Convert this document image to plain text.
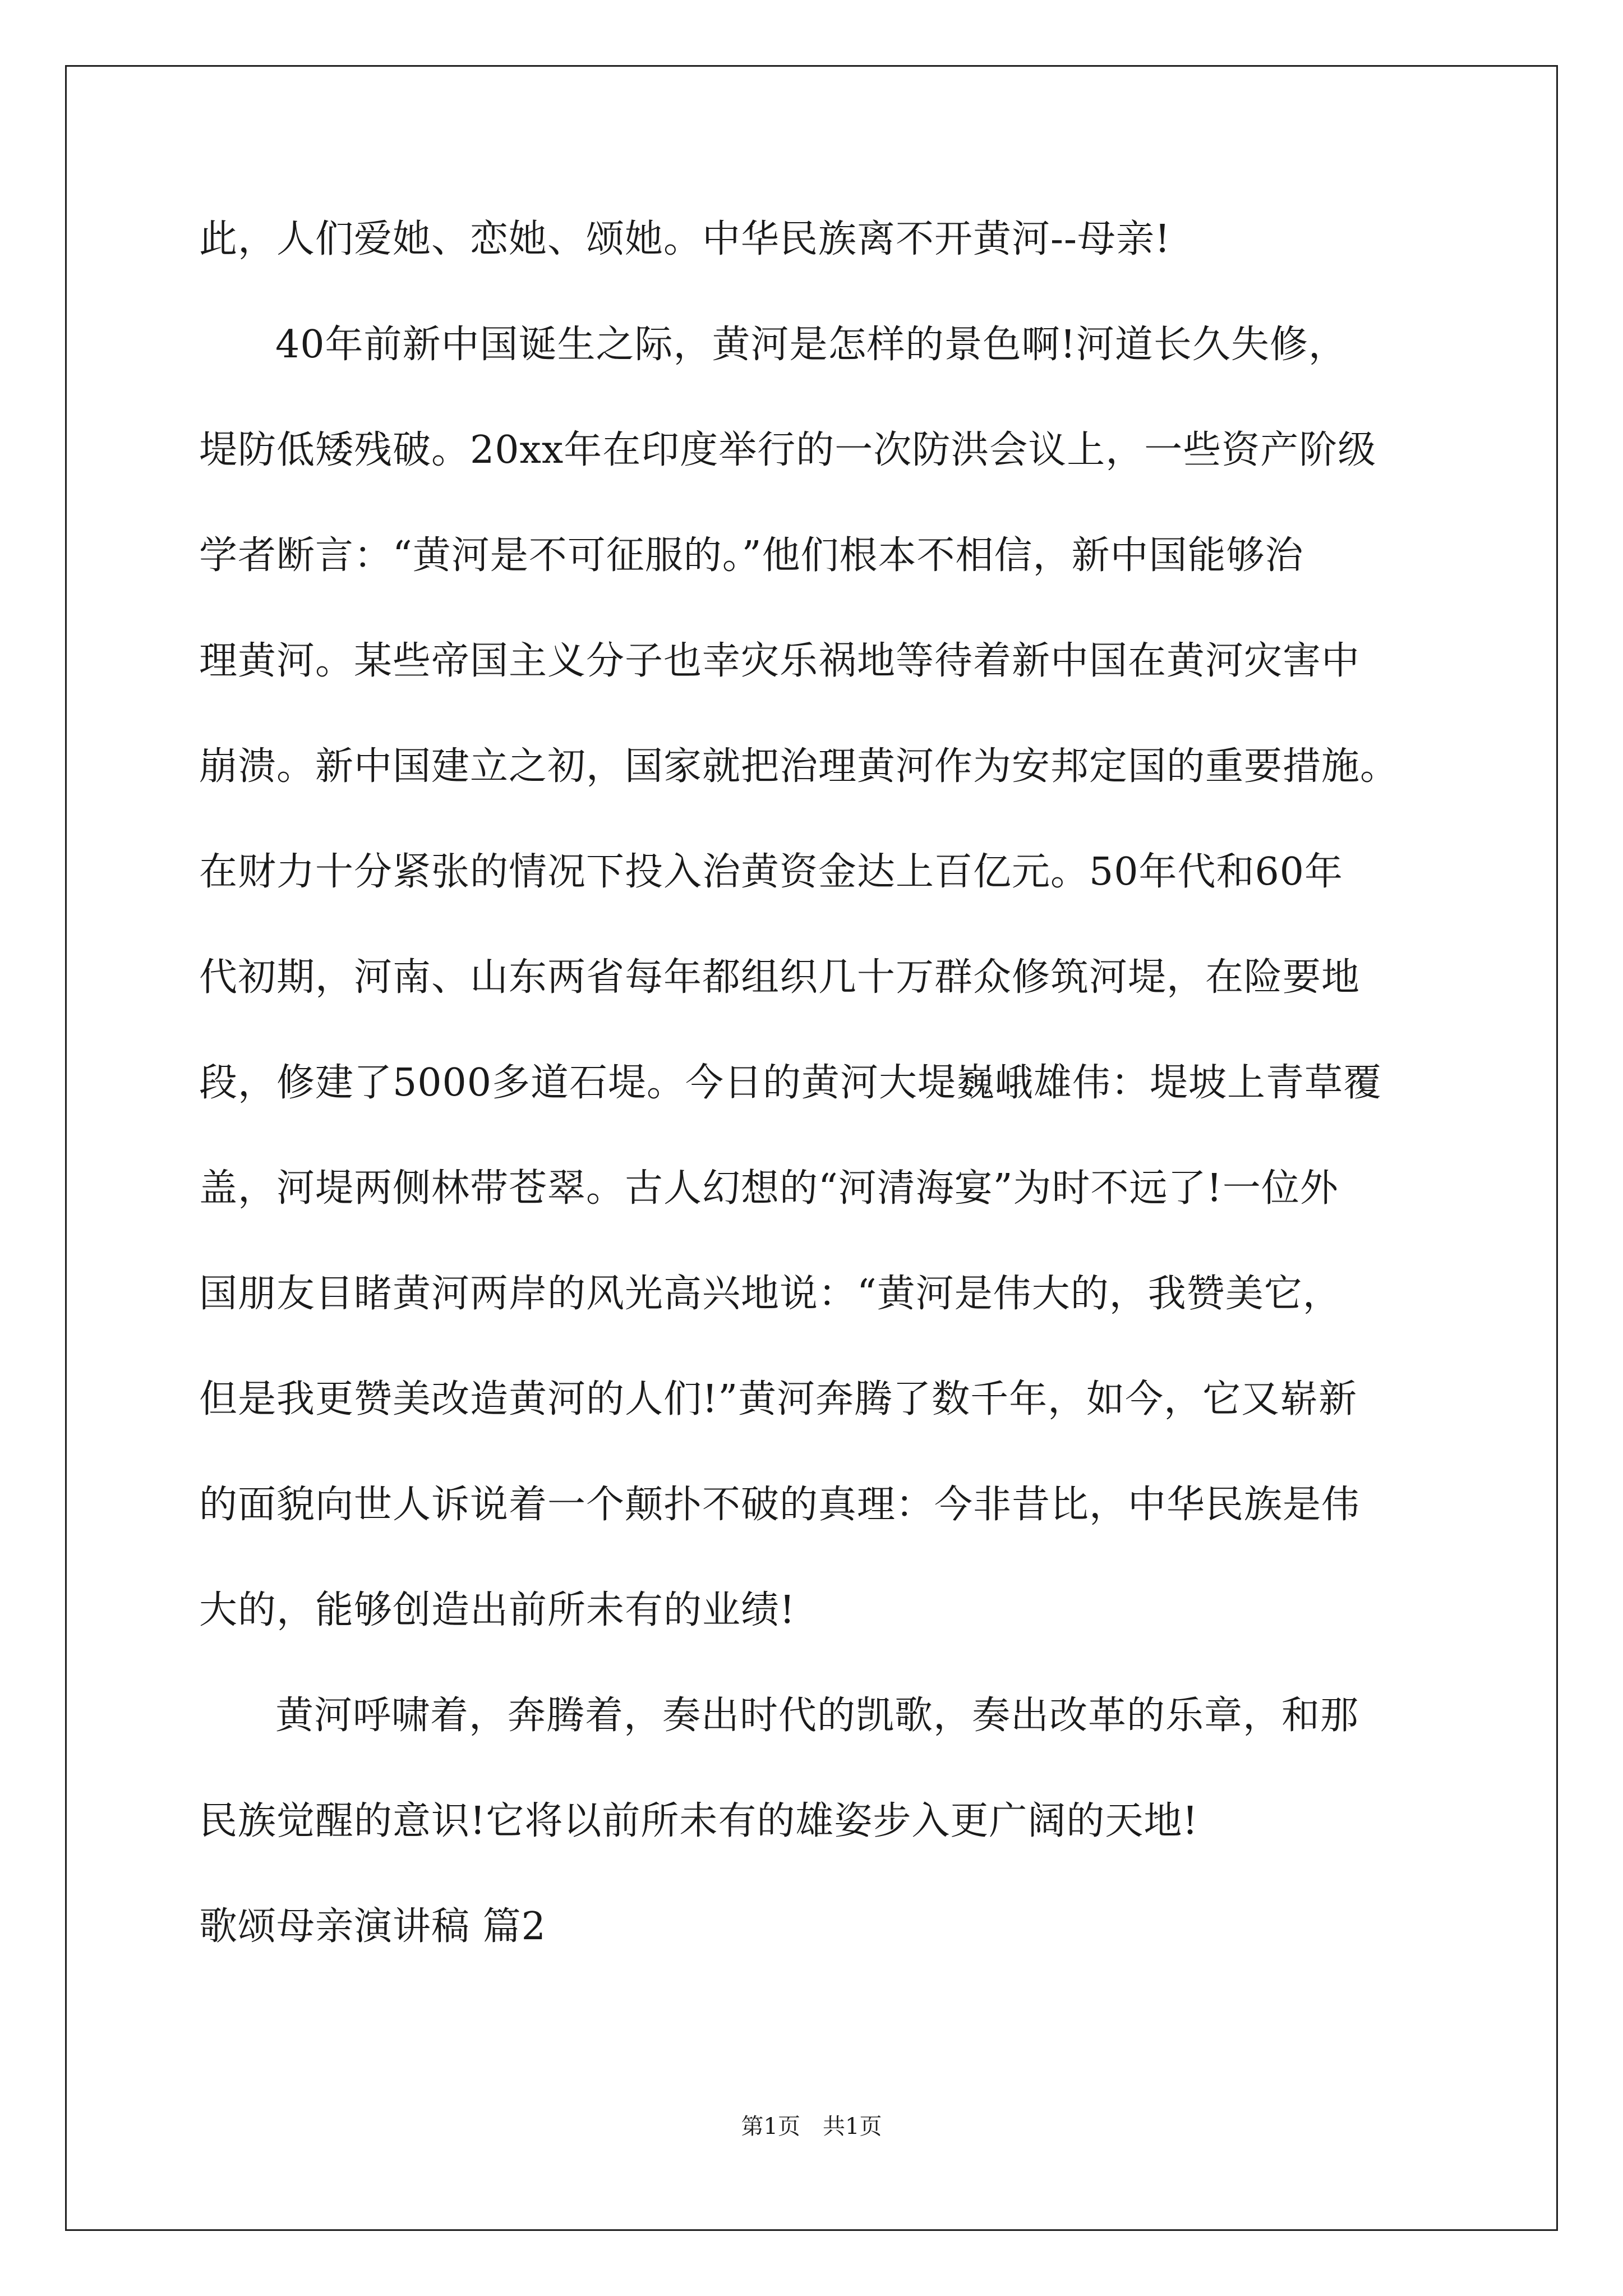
此，人们爱她、恋她、颂她。中华民族离不开黄河--母亲!
40年前新中国诞生之际，黄河是怎样的景色啊!河道长久失修，
堤防低矮残破。20xx年在印度举行的一次防洪会议上，一些资产阶级
学者断言：“黄河是不可征服的。”他们根本不相信，新中国能够治
理黄河。某些帝国主义分子也幸灾乐祸地等待着新中国在黄河灾害中
崩溃。新中国建立之初，国家就把治理黄河作为安邦定国的重要措施。
在财力十分紧张的情况下投入治黄资金达上百亿元。50年代和60年
代初期，河南、山东两省每年都组织几十万群众修筑河堤，在险要地
段，修建了5000多道石堤。今日的黄河大堤巍峨雄伟：堤坡上青草覆
盖，河堤两侧林带苍翠。古人幻想的“河清海宴”为时不远了!一位外
国朋友目睹黄河两岸的风光高兴地说：“黄河是伟大的，我赞美它，
但是我更赞美改造黄河的人们!”黄河奔腾了数千年，如今，它又崭新
的面貌向世人诉说着一个颠扑不破的真理：今非昔比，中华民族是伟
大的，能够创造出前所未有的业绩!
黄河呼啸着，奔腾着，奏出时代的凯歌，奏出改革的乐章，和那
民族觉醒的意识!它将以前所未有的雄姿步入更广阔的天地!
歌颂母亲演讲稿 篇2
第1页　共1页
